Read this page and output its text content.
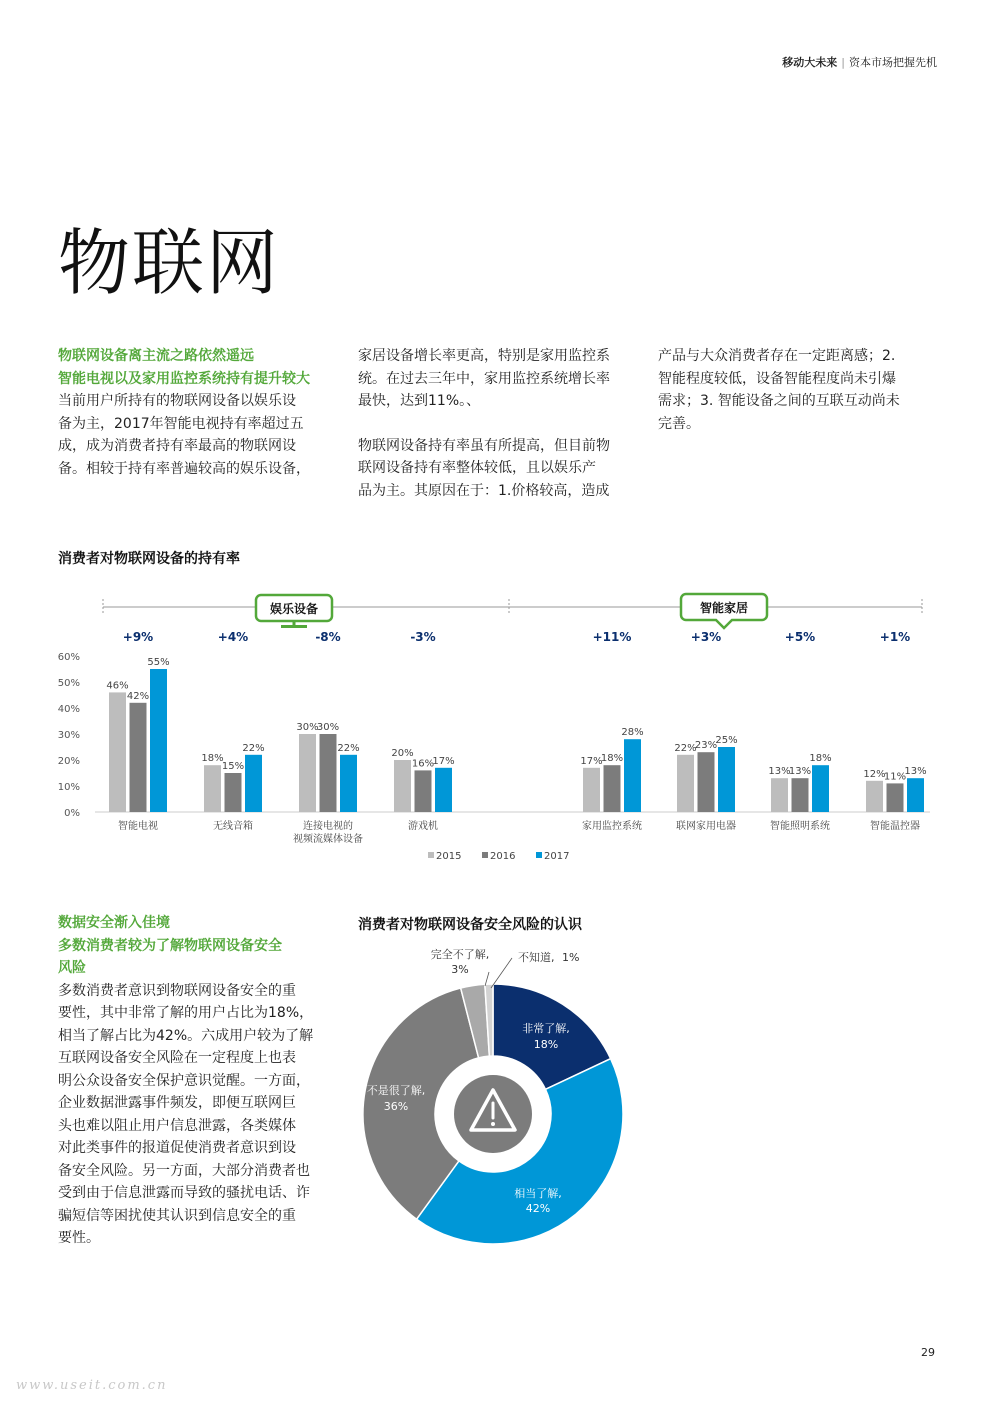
移动大未来 | 资本市场把握先机
物联网

物联网设备离主流之路依然遥远

智能电视以及家用监控系统持有提升较大

当前用户所持有的物联网设备以娱乐设

备为主，2017年智能电视持有率超过五

成，成为消费者持有率最高的物联网设

备。相较于持有率普遍较高的娱乐设备，

家居设备增长率更高，特别是家用监控系

统。在过去三年中，家用监控系统增长率

最快，达到11%。、

物联网设备持有率虽有所提高，但目前物

联网设备持有率整体较低，且以娱乐产

品为主。其原因在于：1.价格较高，造成

产品与大众消费者存在一定距离感；2.

智能程度较低，设备智能程度尚未引爆

需求；3. 智能设备之间的互联互动尚未

完善。

消费者对物联网设备的持有率
娱乐设备	智能家居
60%
50%
40%
30%
20%
10%
0%
+9%
46%
42%
55%
智能电视
+4%
18%
15%
22%
无线音箱
-8%
30%
30%
22%
连接电视的
视频流媒体设备
-3%
20%
16%
17%
游戏机
+11%
17%
18%
28%
家用监控系统
+3%
22%
23%
25%
联网家用电器
+5%
13%
13%
18%
智能照明系统
+1%
12%
11%
13%
智能温控器
2015	2016	2017

数据安全渐入佳境

多数消费者较为了解物联网设备安全

风险

多数消费者意识到物联网设备安全的重

要性，其中非常了解的用户占比为18%，

相当了解占比为42%。六成用户较为了解

互联网设备安全风险在一定程度上也表

明公众设备安全保护意识觉醒。一方面，

企业数据泄露事件频发，即便互联网巨

头也难以阻止用户信息泄露，各类媒体

对此类事件的报道促使消费者意识到设

备安全风险。另一方面，大部分消费者也

受到由于信息泄露而导致的骚扰电话、诈

骗短信等困扰使其认识到信息安全的重

要性。

消费者对物联网设备安全风险的认识
完全不了解,
3%
不知道, 1%
非常了解,
18%
相当了解,
42%
不是很了解,
36%
29
www.useit.com.cn
